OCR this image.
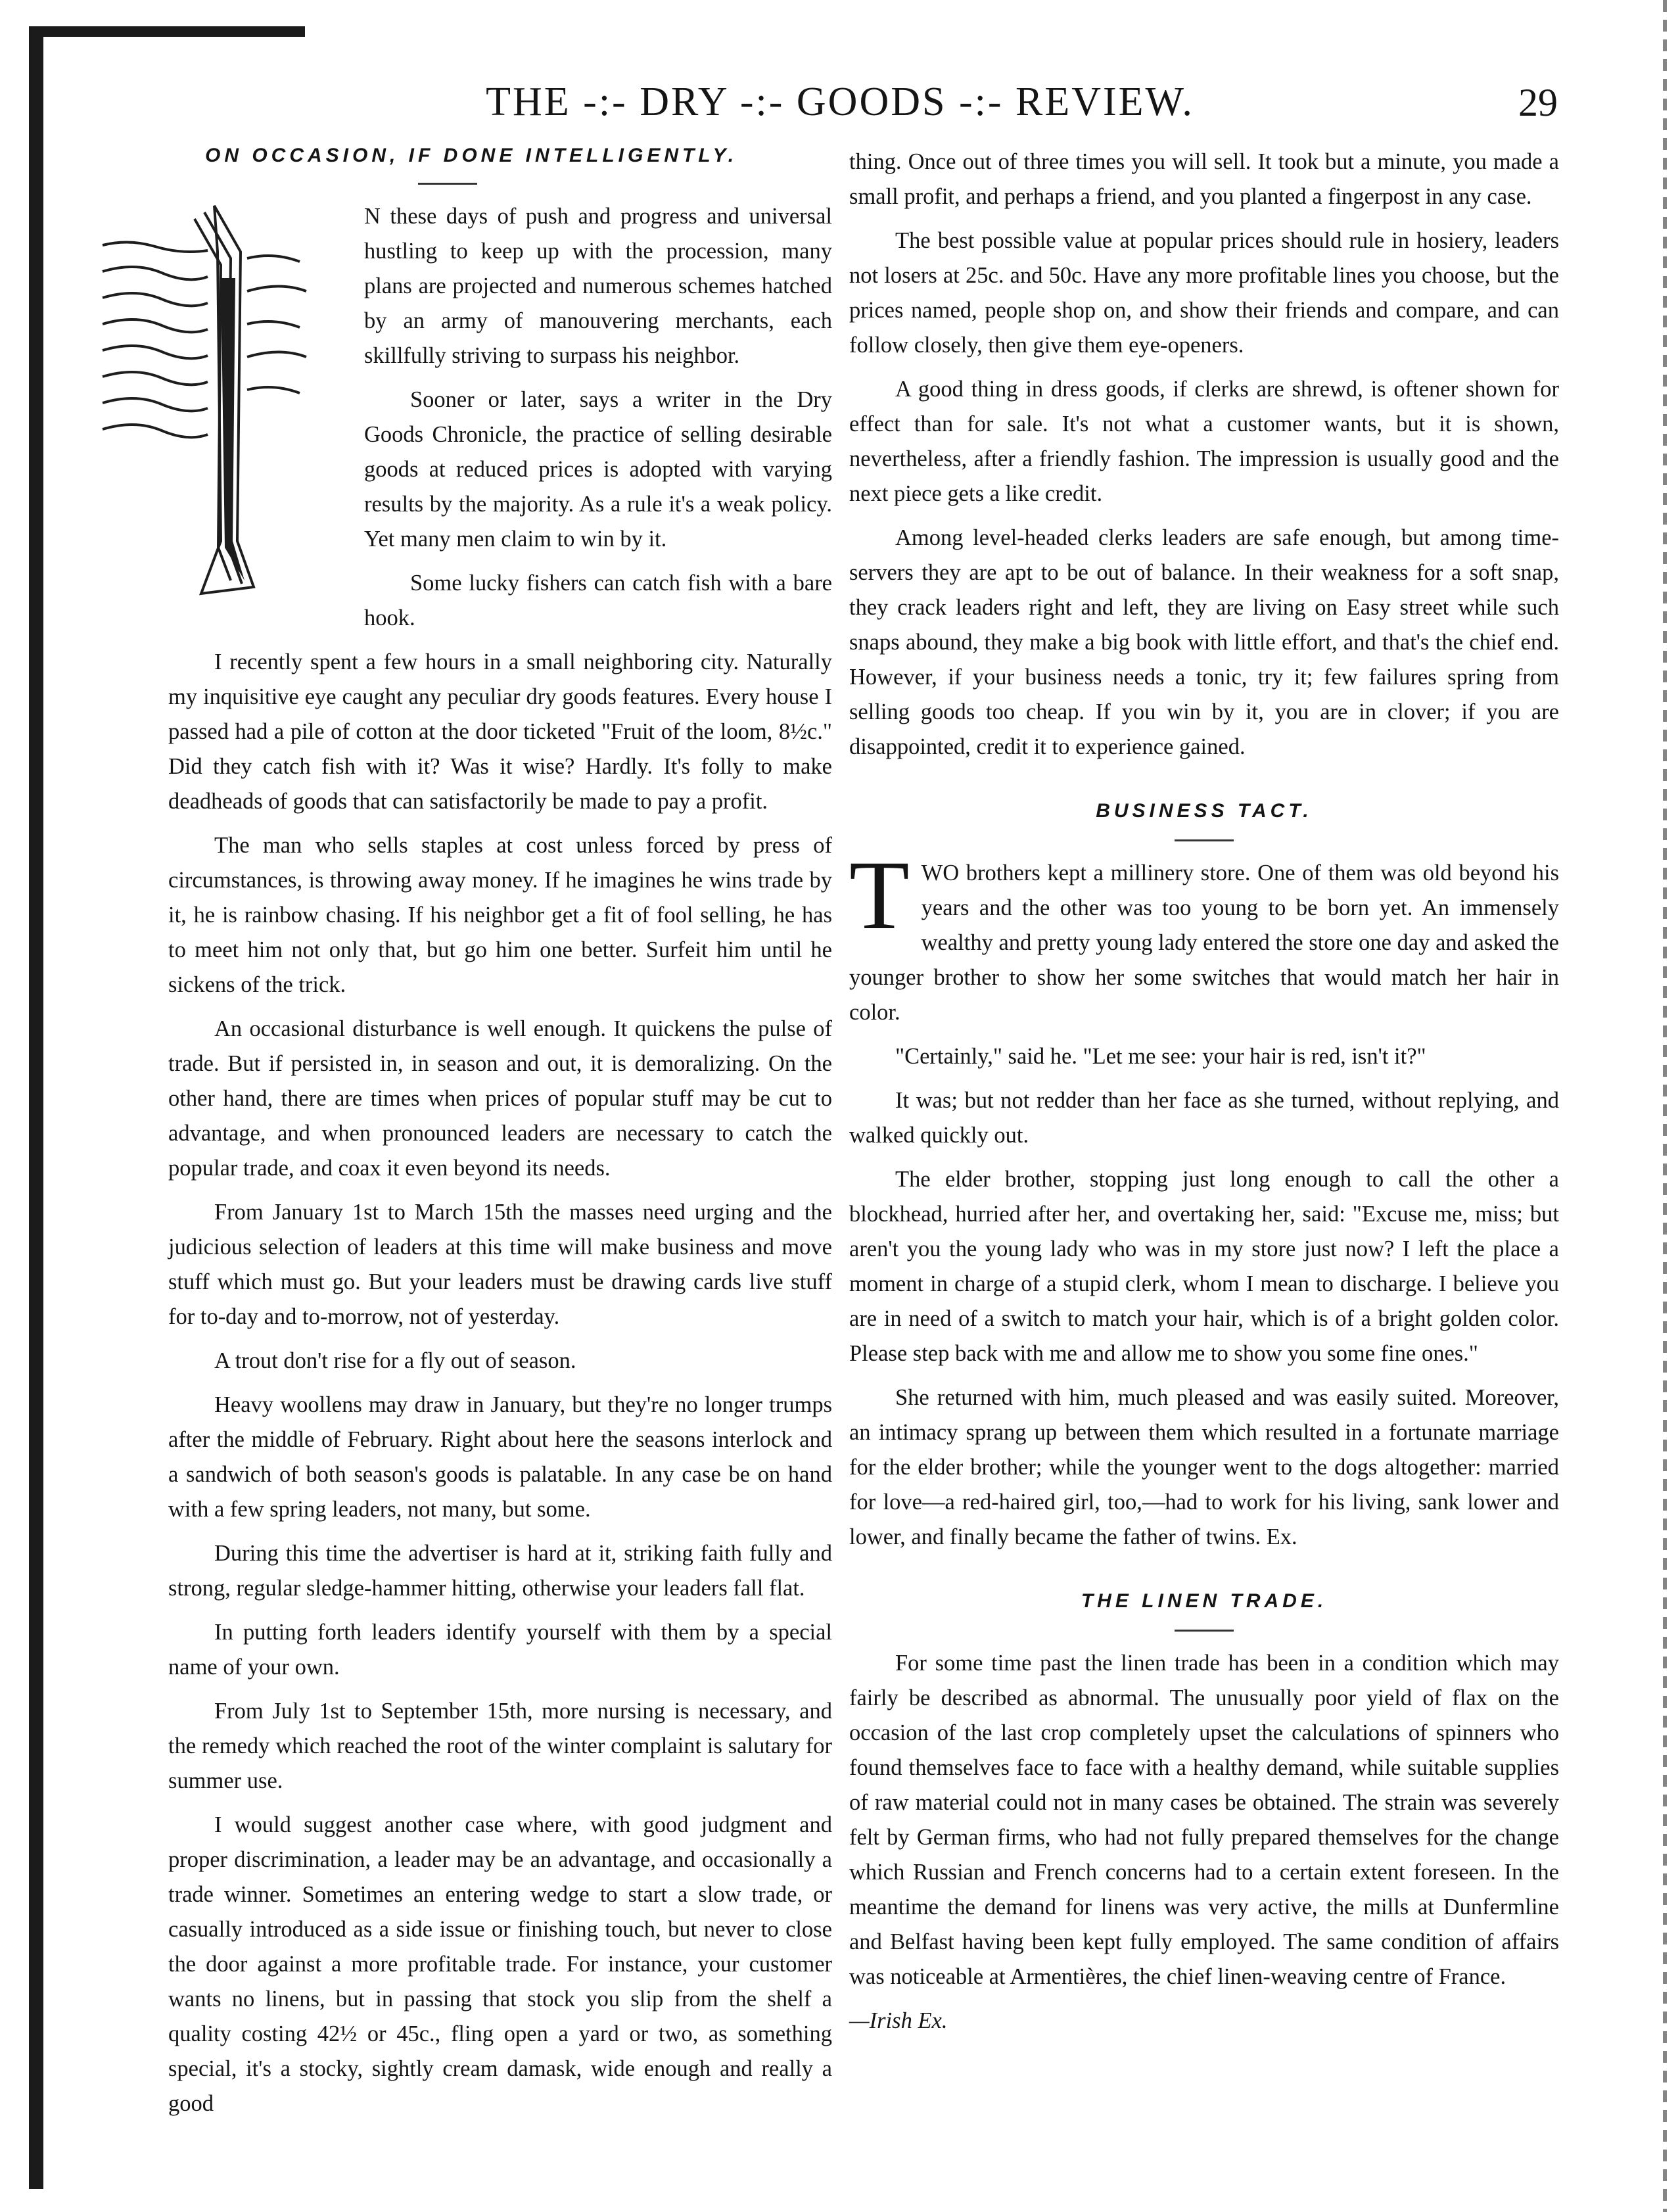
THE -:- DRY -:- GOODS -:- REVIEW.	29
ON OCCASION, IF DONE INTELLIGENTLY.

N these days of push and progress and universal hustling to keep up with the procession, many plans are projected and numerous schemes hatched by an army of manouvering merchants, each skillfully striving to surpass his neighbor.

Sooner or later, says a writer in the Dry Goods Chronicle, the practice of selling desirable goods at reduced prices is adopted with varying results by the majority. As a rule it's a weak policy. Yet many men claim to win by it.

Some lucky fishers can catch fish with a bare hook.

I recently spent a few hours in a small neighboring city. Naturally my inquisitive eye caught any peculiar dry goods features. Every house I passed had a pile of cotton at the door ticketed "Fruit of the loom, 8½c." Did they catch fish with it? Was it wise? Hardly. It's folly to make deadheads of goods that can satisfactorily be made to pay a profit.

The man who sells staples at cost unless forced by press of circumstances, is throwing away money. If he imagines he wins trade by it, he is rainbow chasing. If his neighbor get a fit of fool selling, he has to meet him not only that, but go him one better. Surfeit him until he sickens of the trick.

An occasional disturbance is well enough. It quickens the pulse of trade. But if persisted in, in season and out, it is demoralizing. On the other hand, there are times when prices of popular stuff may be cut to advantage, and when pronounced leaders are necessary to catch the popular trade, and coax it even beyond its needs.

From January 1st to March 15th the masses need urging and the judicious selection of leaders at this time will make business and move stuff which must go. But your leaders must be drawing cards live stuff for to-day and to-morrow, not of yesterday.

A trout don't rise for a fly out of season.

Heavy woollens may draw in January, but they're no longer trumps after the middle of February. Right about here the seasons interlock and a sandwich of both season's goods is palatable. In any case be on hand with a few spring leaders, not many, but some.

During this time the advertiser is hard at it, striking faith fully and strong, regular sledge-hammer hitting, otherwise your leaders fall flat.

In putting forth leaders identify yourself with them by a special name of your own.

From July 1st to September 15th, more nursing is necessary, and the remedy which reached the root of the winter complaint is salutary for summer use.

I would suggest another case where, with good judgment and proper discrimination, a leader may be an advantage, and occasionally a trade winner. Sometimes an entering wedge to start a slow trade, or casually introduced as a side issue or finishing touch, but never to close the door against a more profitable trade. For instance, your customer wants no linens, but in passing that stock you slip from the shelf a quality costing 42½ or 45c., fling open a yard or two, as something special, it's a stocky, sightly cream damask, wide enough and really a good

thing. Once out of three times you will sell. It took but a minute, you made a small profit, and perhaps a friend, and you planted a fingerpost in any case.

The best possible value at popular prices should rule in hosiery, leaders not losers at 25c. and 50c. Have any more profitable lines you choose, but the prices named, people shop on, and show their friends and compare, and can follow closely, then give them eye-openers.

A good thing in dress goods, if clerks are shrewd, is oftener shown for effect than for sale. It's not what a customer wants, but it is shown, nevertheless, after a friendly fashion. The impression is usually good and the next piece gets a like credit.

Among level-headed clerks leaders are safe enough, but among time-servers they are apt to be out of balance. In their weakness for a soft snap, they crack leaders right and left, they are living on Easy street while such snaps abound, they make a big book with little effort, and that's the chief end. However, if your business needs a tonic, try it; few failures spring from selling goods too cheap. If you win by it, you are in clover; if you are disappointed, credit it to experience gained.

BUSINESS TACT.

TWO brothers kept a millinery store. One of them was old beyond his years and the other was too young to be born yet. An immensely wealthy and pretty young lady entered the store one day and asked the younger brother to show her some switches that would match her hair in color.

"Certainly," said he. "Let me see: your hair is red, isn't it?"

It was; but not redder than her face as she turned, without replying, and walked quickly out.

The elder brother, stopping just long enough to call the other a blockhead, hurried after her, and overtaking her, said: "Excuse me, miss; but aren't you the young lady who was in my store just now? I left the place a moment in charge of a stupid clerk, whom I mean to discharge. I believe you are in need of a switch to match your hair, which is of a bright golden color. Please step back with me and allow me to show you some fine ones."

She returned with him, much pleased and was easily suited. Moreover, an intimacy sprang up between them which resulted in a fortunate marriage for the elder brother; while the younger went to the dogs altogether: married for love—a red-haired girl, too,—had to work for his living, sank lower and lower, and finally became the father of twins. Ex.

THE LINEN TRADE.

For some time past the linen trade has been in a condition which may fairly be described as abnormal. The unusually poor yield of flax on the occasion of the last crop completely upset the calculations of spinners who found themselves face to face with a healthy demand, while suitable supplies of raw material could not in many cases be obtained. The strain was severely felt by German firms, who had not fully prepared themselves for the change which Russian and French concerns had to a certain extent foreseen. In the meantime the demand for linens was very active, the mills at Dunfermline and Belfast having been kept fully employed. The same condition of affairs was noticeable at Armentières, the chief linen-weaving centre of France.

—Irish Ex.
